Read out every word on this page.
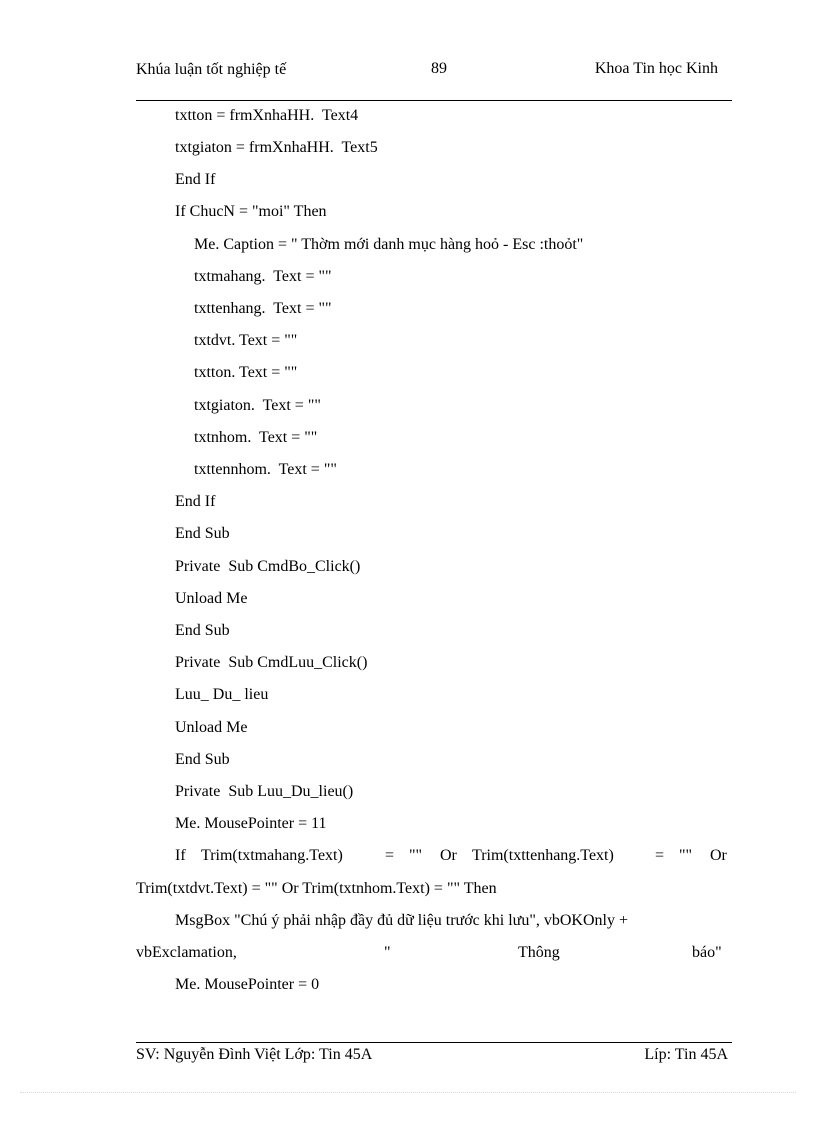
Khúa luận tốt nghiệp tế	89	Khoa Tin học Kinh
txtton = frmXnhaHH.  Text4
txtgiaton = frmXnhaHH.  Text5
End If
If ChucN = "moi" Then
Me. Caption = " Thờm mới danh mục hàng hoỏ - Esc :thoỏt"
txtmahang.  Text = ""
txttenhang.  Text = ""
txtdvt. Text = ""
txtton. Text = ""
txtgiaton.  Text = ""
txtnhom.  Text = ""
txttennhom.  Text = ""
End If
End Sub
Private  Sub CmdBo_Click()
Unload Me
End Sub
Private  Sub CmdLuu_Click()
Luu_ Du_ lieu
Unload Me
End Sub
Private  Sub Luu_Du_lieu()
Me. MousePointer = 11
If Trim(txtmahang.Text)	= "" Or Trim(txttenhang.Text)	= "" Or
Trim(txtdvt.Text) = "" Or Trim(txtnhom.Text) = "" Then
MsgBox "Chú ý phải nhập đầy đủ dữ liệu trước khi lưu", vbOKOnly +
vbExclamation,	"	Thông	báo"
Me. MousePointer = 0
SV: Nguyễn Đình Việt Lớp: Tin 45A	Líp: Tin 45A
